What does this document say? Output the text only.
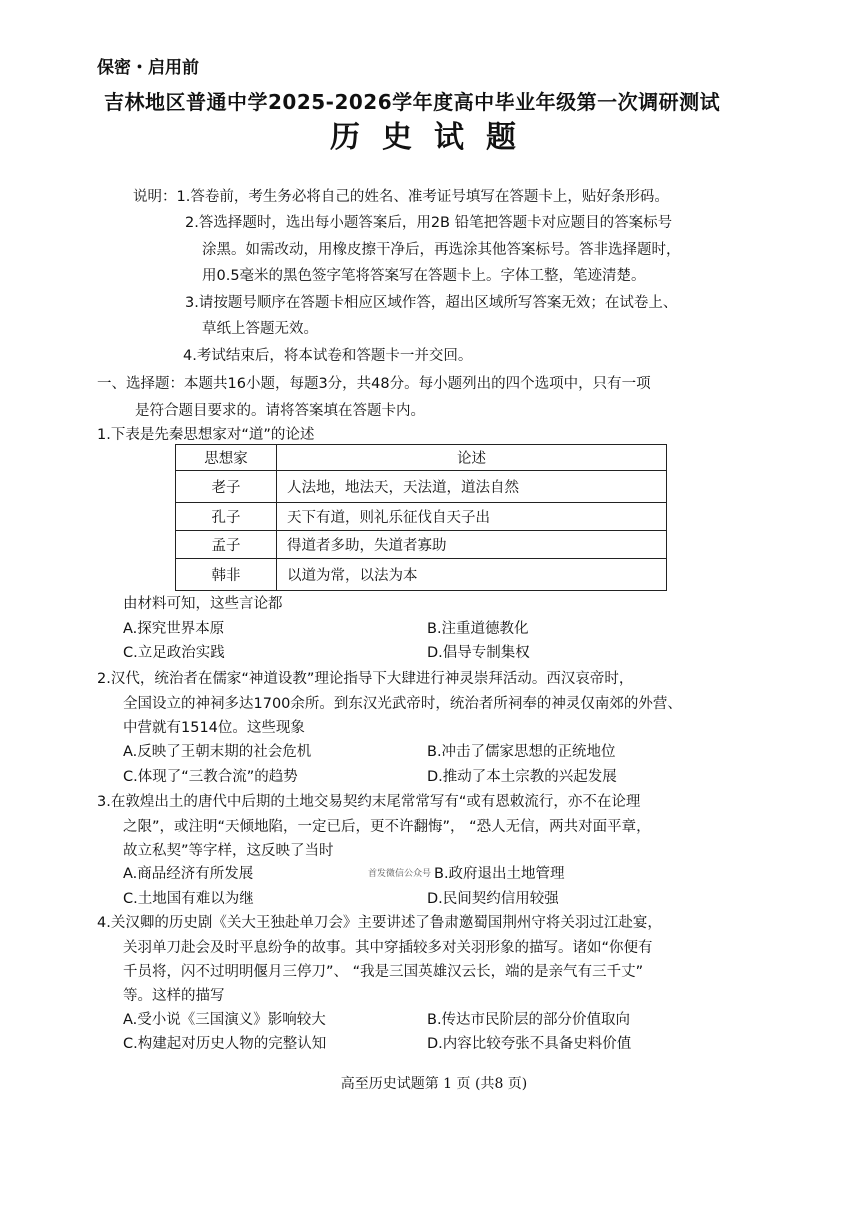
保密・启用前
吉林地区普通中学2025-2026学年度高中毕业年级第一次调研测试
历史试题
说明：1.答卷前，考生务必将自己的姓名、准考证号填写在答题卡上，贴好条形码。
2.答选择题时，选出每小题答案后，用2B 铅笔把答题卡对应题目的答案标号
涂黑。如需改动，用橡皮擦干净后，再选涂其他答案标号。答非选择题时，
用0.5毫米的黑色签字笔将答案写在答题卡上。字体工整，笔迹清楚。
3.请按题号顺序在答题卡相应区域作答，超出区域所写答案无效；在试卷上、
草纸上答题无效。
4.考试结束后，将本试卷和答题卡一并交回。
一、选择题：本题共16小题，每题3分，共48分。每小题列出的四个选项中，只有一项
是符合题目要求的。请将答案填在答题卡内。
1.下表是先秦思想家对“道”的论述
思想家	论述
老子	人法地，地法天，天法道，道法自然
孔子	天下有道，则礼乐征伐自天子出
孟子	得道者多助，失道者寡助
韩非	以道为常，以法为本
由材料可知，这些言论都
A.探究世界本原	B.注重道德教化
C.立足政治实践	D.倡导专制集权
2.汉代，统治者在儒家“神道设教”理论指导下大肆进行神灵崇拜活动。西汉哀帝时，
全国设立的神祠多达1700余所。到东汉光武帝时，统治者所祠奉的神灵仅南郊的外营、
中营就有1514位。这些现象
A.反映了王朝末期的社会危机	B.冲击了儒家思想的正统地位
C.体现了“三教合流”的趋势	D.推动了本土宗教的兴起发展
3.在敦煌出土的唐代中后期的土地交易契约末尾常常写有“或有恩敕流行，亦不在论理
之限”，或注明“天倾地陷，一定已后，更不许翻悔”， “恐人无信，两共对面平章，
故立私契”等字样，这反映了当时
A.商品经济有所发展	首发微信公众号 B.政府退出土地管理
C.土地国有难以为继	D.民间契约信用较强
4.关汉卿的历史剧《关大王独赴单刀会》主要讲述了鲁肃邀蜀国荆州守将关羽过江赴宴，
关羽单刀赴会及时平息纷争的故事。其中穿插较多对关羽形象的描写。诸如“你便有
千员将，闪不过明明偃月三停刀”、 “我是三国英雄汉云长，端的是亲气有三千丈”
等。这样的描写
A.受小说《三国演义》影响较大	B.传达市民阶层的部分价值取向
C.构建起对历史人物的完整认知	D.内容比较夸张不具备史料价值
高至历史试题第 1 页 (共8 页)
